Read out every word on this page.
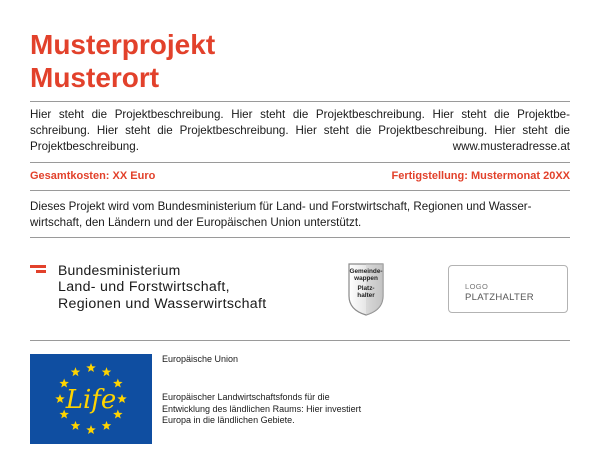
Musterprojekt
Musterort
Hier steht die Projektbeschreibung. Hier steht die Projektbeschreibung. Hier steht die Projektbeschreibung. Hier steht die Projektbeschreibung. Hier steht die Projektbeschreibung. Hier steht die Projektbeschreibung.	www.musteradresse.at
Gesamtkosten: XX Euro	Fertigstellung: Mustermonat 20XX
Dieses Projekt wird vom Bundesministerium für Land- und Forstwirtschaft, Regionen und Wasserwirtschaft, den Ländern und der Europäischen Union unterstützt.
Bundesministerium
Land- und Forstwirtschaft,
Regionen und Wasserwirtschaft
Gemeinde-
wappen
Platz-
halter
LOGO
PLATZHALTER
Life
Europäische Union
Europäischer Landwirtschaftsfonds für die Entwicklung des ländlichen Raums: Hier investiert Europa in die ländlichen Gebiete.
